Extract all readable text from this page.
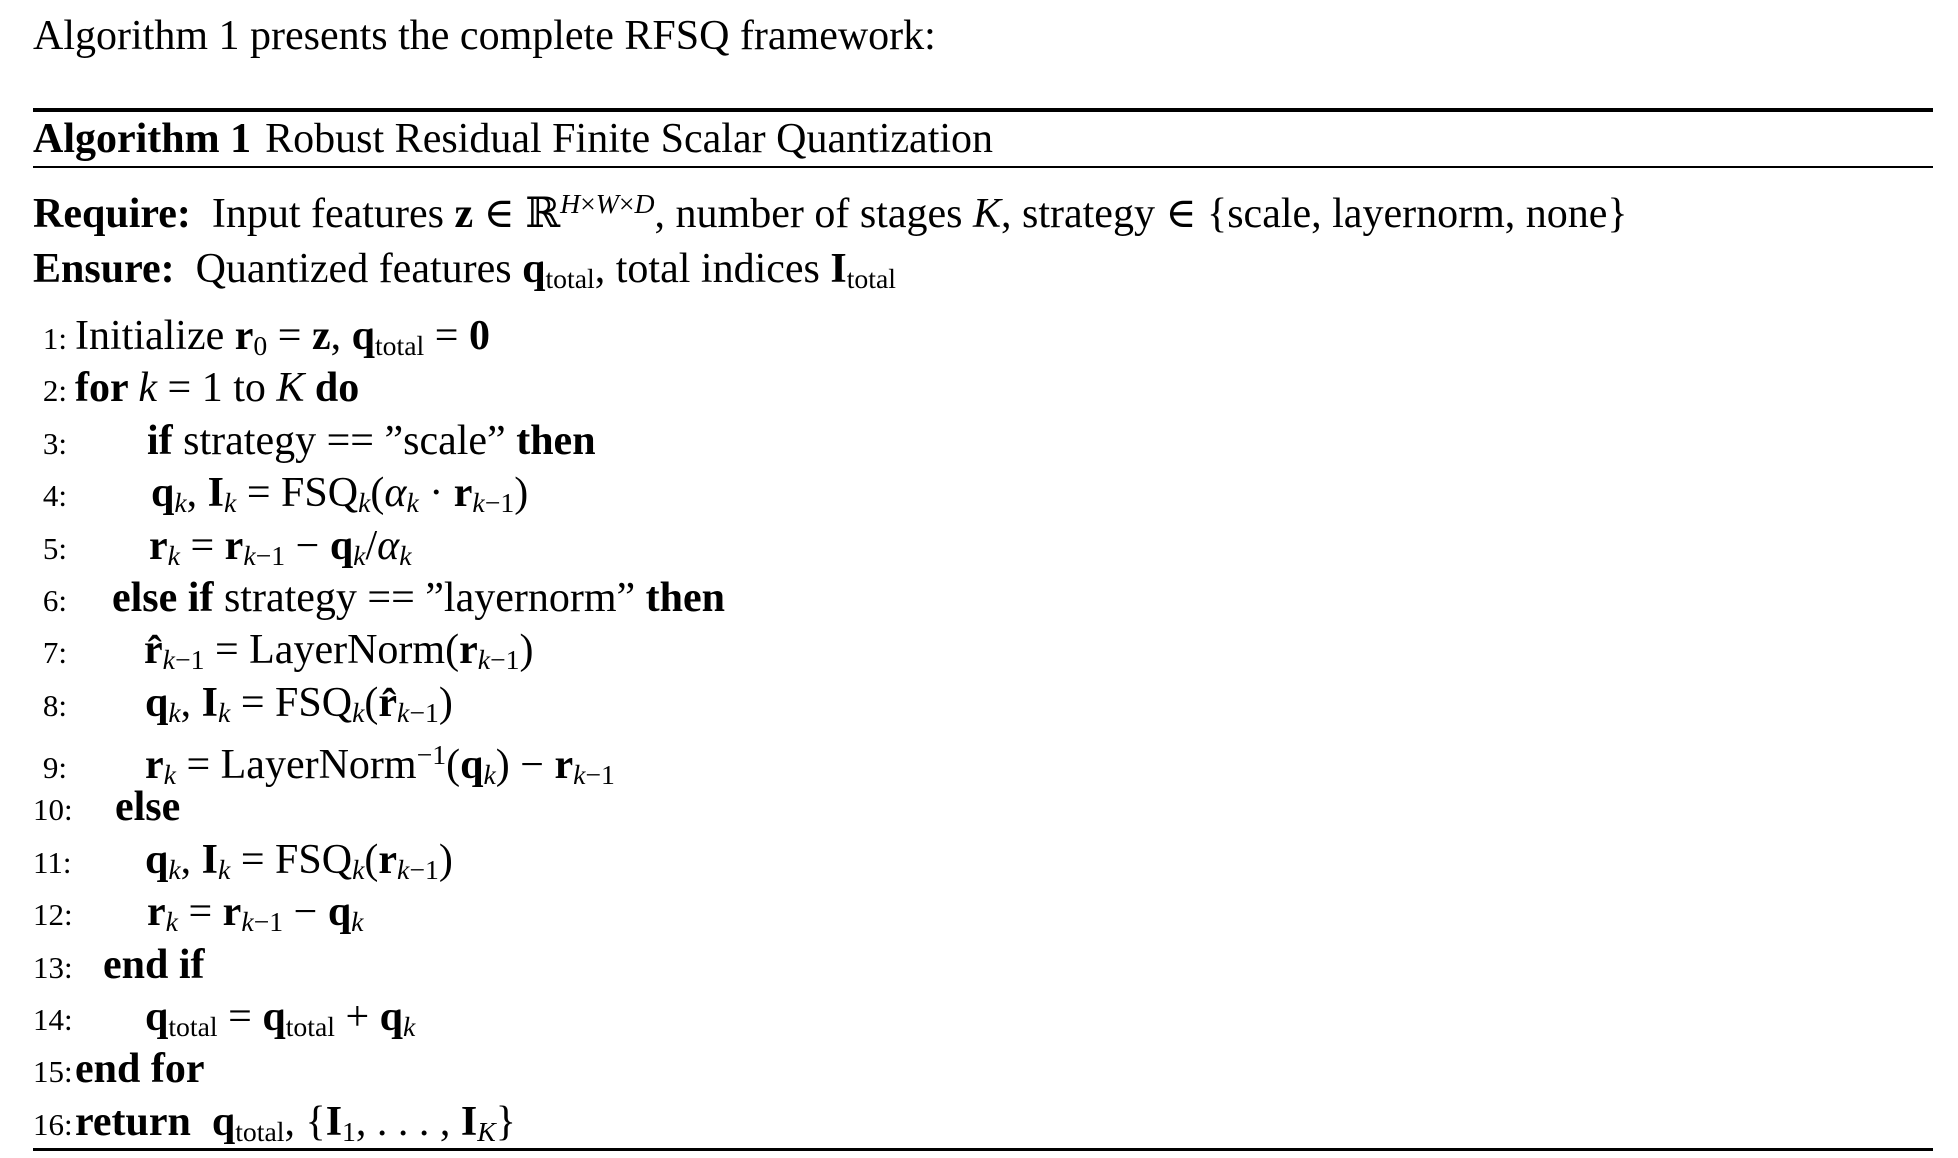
Algorithm 1 presents the complete RFSQ framework:

Algorithm 1 Robust Residual Finite Scalar Quantization
Require:  Input features z ∈ ℝ$^{H\times W\times D}$, number of stages K, strategy ∈ {scale, layernorm, none}
Ensure:  Quantized features qtotal, total indices Itotal
1: Initialize r0 = z, qtotal = 0
2: for k = 1 to K do
3: if strategy == ”scale” then
4: qk, Ik = FSQk(αk · rk−1)
5: rk = rk−1 − qk/αk
6: else if strategy == ”layernorm” then
7: r̂k−1 = LayerNorm(rk−1)
8: qk, Ik = FSQk(r̂k−1)
9: rk = LayerNorm$^{-1}$(qk) − rk−1
10: else
11: qk, Ik = FSQk(rk−1)
12: rk = rk−1 − qk
13: end if
14: qtotal = qtotal + qk
15:end for
16:return  qtotal, {I1, . . . , IK}
